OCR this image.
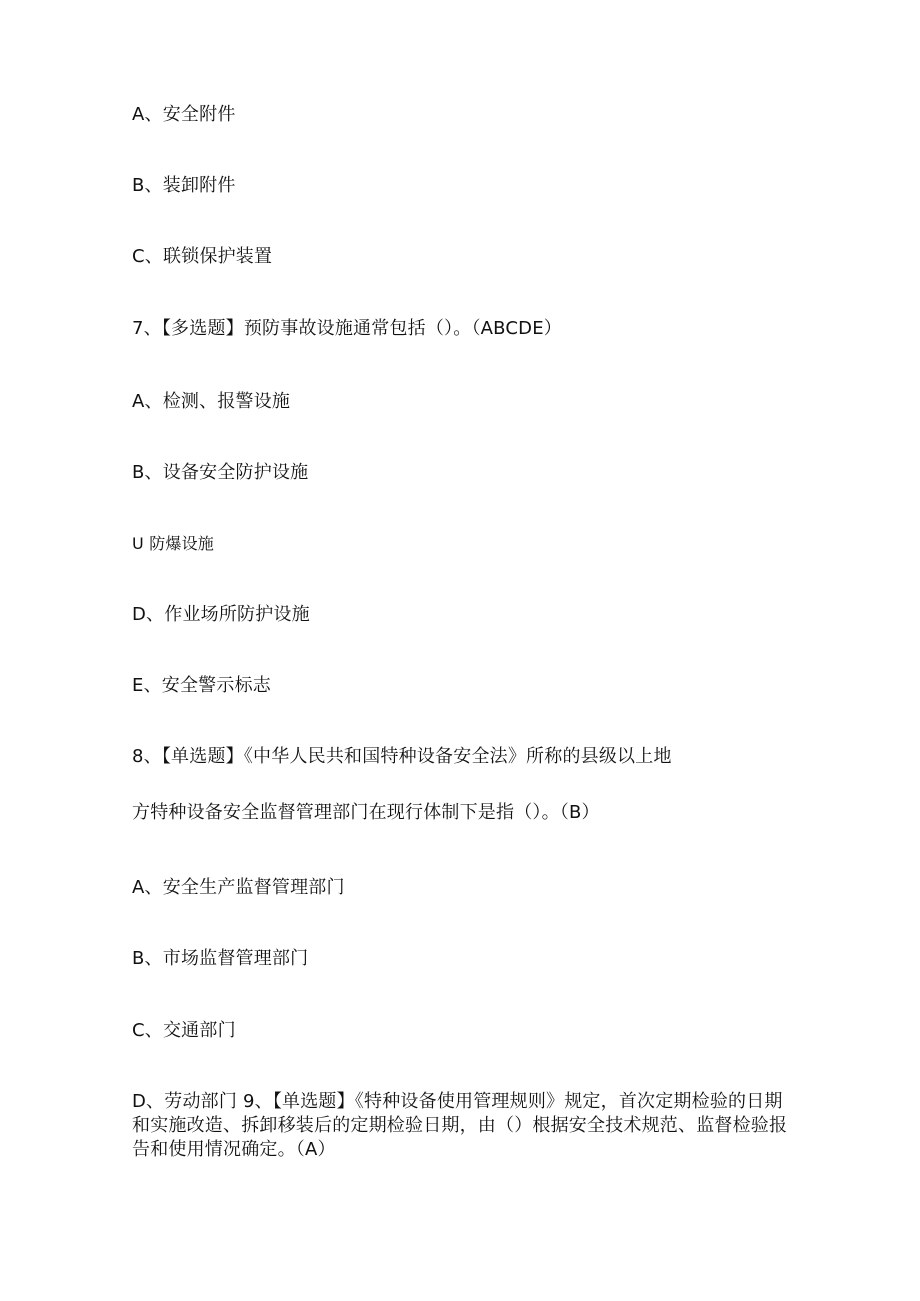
A、安全附件
B、装卸附件
C、联锁保护装置
7、【多选题】预防事故设施通常包括（）。（ABCDE）
A、检测、报警设施
B、设备安全防护设施
U 防爆设施
D、作业场所防护设施
E、安全警示标志
8、【单选题】《中华人民共和国特种设备安全法》所称的县级以上地
方特种设备安全监督管理部门在现行体制下是指（）。（B）
A、安全生产监督管理部门
B、市场监督管理部门
C、交通部门
D、劳动部门 9、【单选题】《特种设备使用管理规则》规定，首次定期检验的日期和实施改造、拆卸移装后的定期检验日期，由（）根据安全技术规范、监督检验报告和使用情况确定。（A）
